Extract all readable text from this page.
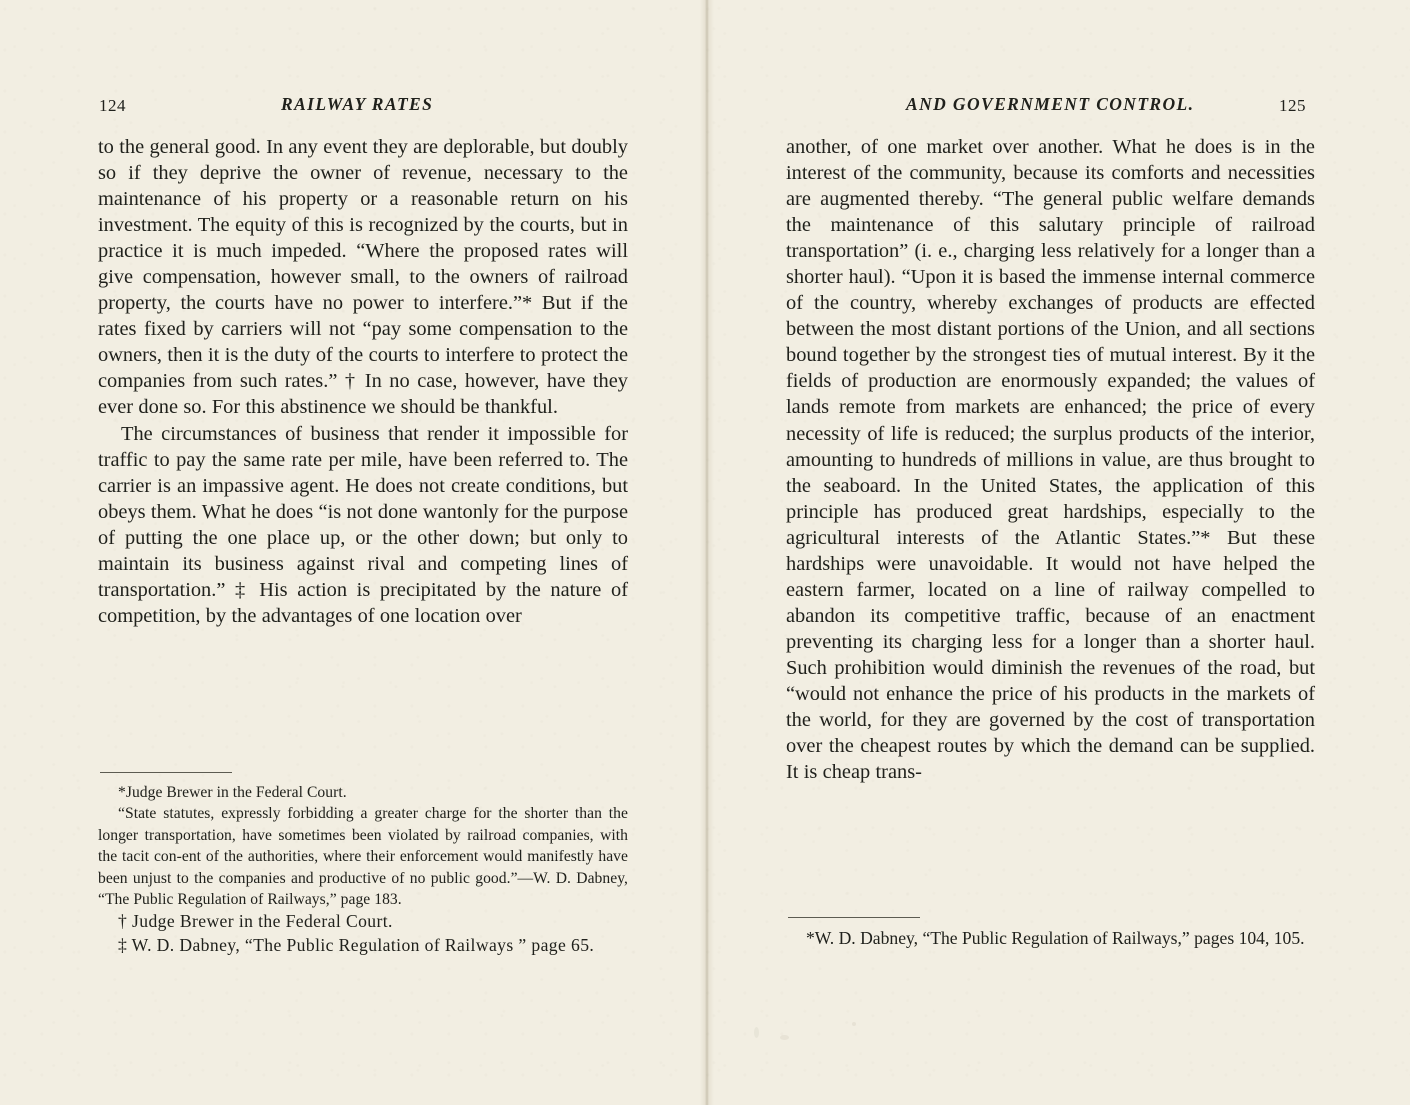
124	RAILWAY RATES

to the general good. In any event they are deplorable, but doubly so if they deprive the owner of revenue, necessary to the maintenance of his property or a reasonable return on his investment. The equity of this is recognized by the courts, but in practice it is much impeded. “Where the proposed rates will give compensation, however small, to the owners of railroad property, the courts have no power to interfere.”* But if the rates fixed by carriers will not “pay some compensation to the owners, then it is the duty of the courts to interfere to protect the companies from such rates.” † In no case, however, have they ever done so. For this abstinence we should be thankful.

The circumstances of business that render it impossible for traffic to pay the same rate per mile, have been referred to. The carrier is an impassive agent. He does not create conditions, but obeys them. What he does “is not done wantonly for the purpose of putting the one place up, or the other down; but only to maintain its business against rival and competing lines of transportation.” ‡ His action is precipitated by the nature of competition, by the advantages of one location over

*Judge Brewer in the Federal Court.

“State statutes, expressly forbidding a greater charge for the shorter than the longer transportation, have sometimes been violated by railroad companies, with the tacit con-ent of the authorities, where their enforcement would manifestly have been unjust to the companies and productive of no public good.”—W. D. Dabney, “The Public Regulation of Railways,” page 183.

† Judge Brewer in the Federal Court.

‡ W. D. Dabney, “The Public Regulation of Railways ” page 65.

AND GOVERNMENT CONTROL.	125

another, of one market over another. What he does is in the interest of the community, because its comforts and necessities are augmented thereby. “The general public welfare demands the maintenance of this salutary principle of railroad transportation” (i. e., charging less relatively for a longer than a shorter haul). “Upon it is based the immense internal commerce of the country, whereby exchanges of products are effected between the most distant portions of the Union, and all sections bound together by the strongest ties of mutual interest. By it the fields of production are enormously expanded; the values of lands remote from markets are enhanced; the price of every necessity of life is reduced; the surplus products of the interior, amounting to hundreds of millions in value, are thus brought to the seaboard. In the United States, the application of this principle has produced great hardships, especially to the agricultural interests of the Atlantic States.”* But these hardships were unavoidable. It would not have helped the eastern farmer, located on a line of railway compelled to abandon its competitive traffic, because of an enactment preventing its charging less for a longer than a shorter haul. Such prohibition would diminish the revenues of the road, but “would not enhance the price of his products in the markets of the world, for they are governed by the cost of transportation over the cheapest routes by which the demand can be supplied. It is cheap trans-

*W. D. Dabney, “The Public Regulation of Railways,” pages 104, 105.
